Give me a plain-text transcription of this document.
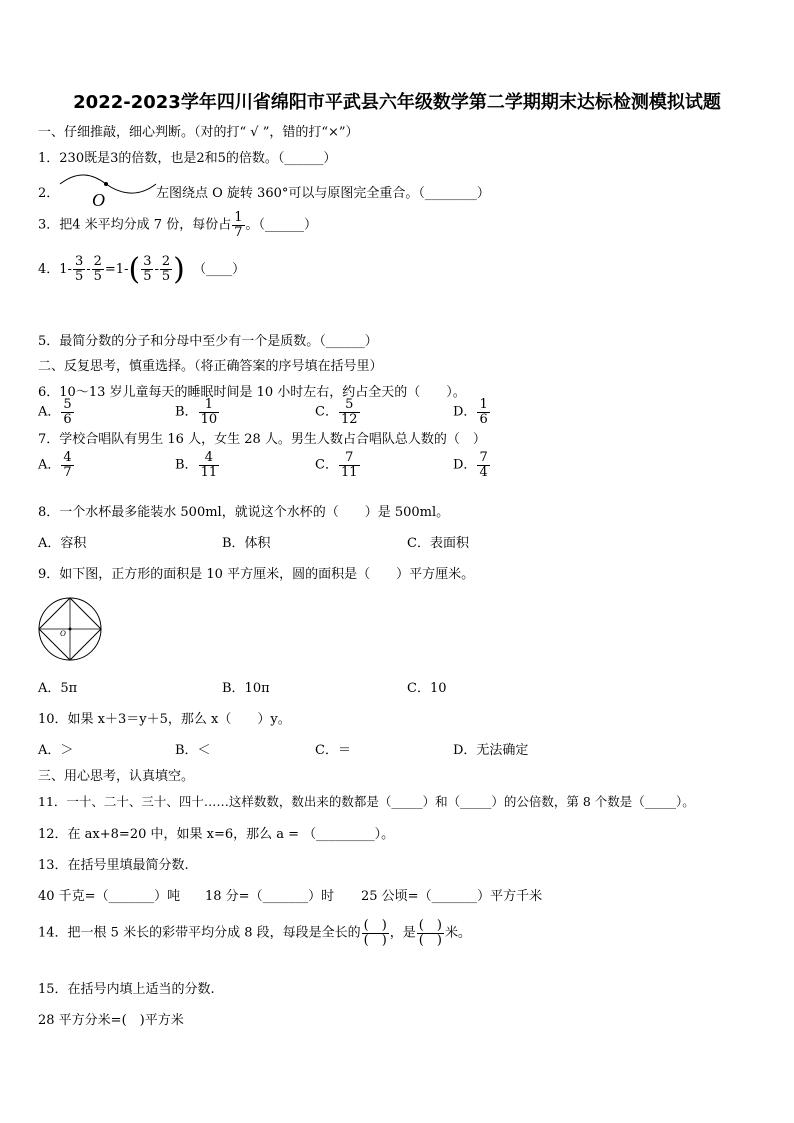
2022-2023学年四川省绵阳市平武县六年级数学第二学期期末达标检测模拟试题
一、仔细推敲，细心判断。（对的打“ √ ”，错的打“×”）
1．230既是3的倍数，也是2和5的倍数。（______）
2． O	左图绕点 O 旋转 360°可以与原图完全重合。（________）
3．把4 米平均分成 7 份，每份占 $\frac{1}{7}$ 。（______）
4．$1- \frac{3}{5} - \frac{2}{5} =1-( \frac{3}{5} - \frac{2}{5}$ ) （____）
5．最简分数的分子和分母中至少有一个是质数。（______）
二、反复思考，慎重选择。（将正确答案的序号填在括号里）
6．10～13 岁儿童每天的睡眠时间是 10 小时左右，约占全天的（　　）。
A． $\frac{5}{6}$	B． $\frac{1}{10}$	C． $\frac{5}{12}$	D． $\frac{1}{6}$
7．学校合唱队有男生 16 人，女生 28 人。男生人数占合唱队总人数的（　）
A． $\frac{4}{7}$	B． $\frac{4}{11}$	C． $\frac{7}{11}$	D． $\frac{7}{4}$
8．一个水杯最多能装水 500ml，就说这个水杯的（　　）是 500ml。
A．容积	B．体积	C．表面积
9．如下图，正方形的面积是 10 平方厘米，圆的面积是（　　）平方厘米。
O
A．5π	B．10π	C．10
10．如果 x＋3＝y＋5，那么 x（　　）y。
A．＞	B．＜	C．＝	D．无法确定
三、用心思考，认真填空。
11．一十、二十、三十、四十……这样数数，数出来的数都是（_____）和（_____）的公倍数，第 8 个数是（_____）。
12．在 ax+8=20 中，如果 x=6，那么 a = （_________）。
13．在括号里填最简分数.
40 千克=（_______）吨 18 分=（_______）时 25 公顷=（_______）平方千米
14．把一根 5 米长的彩带平均分成 8 段，每段是全长的 $\frac{( )}{( )}$ ，是 $\frac{( )}{( )}$ 米。
15．在括号内填上适当的分数.
28 平方分米=(　)平方米
